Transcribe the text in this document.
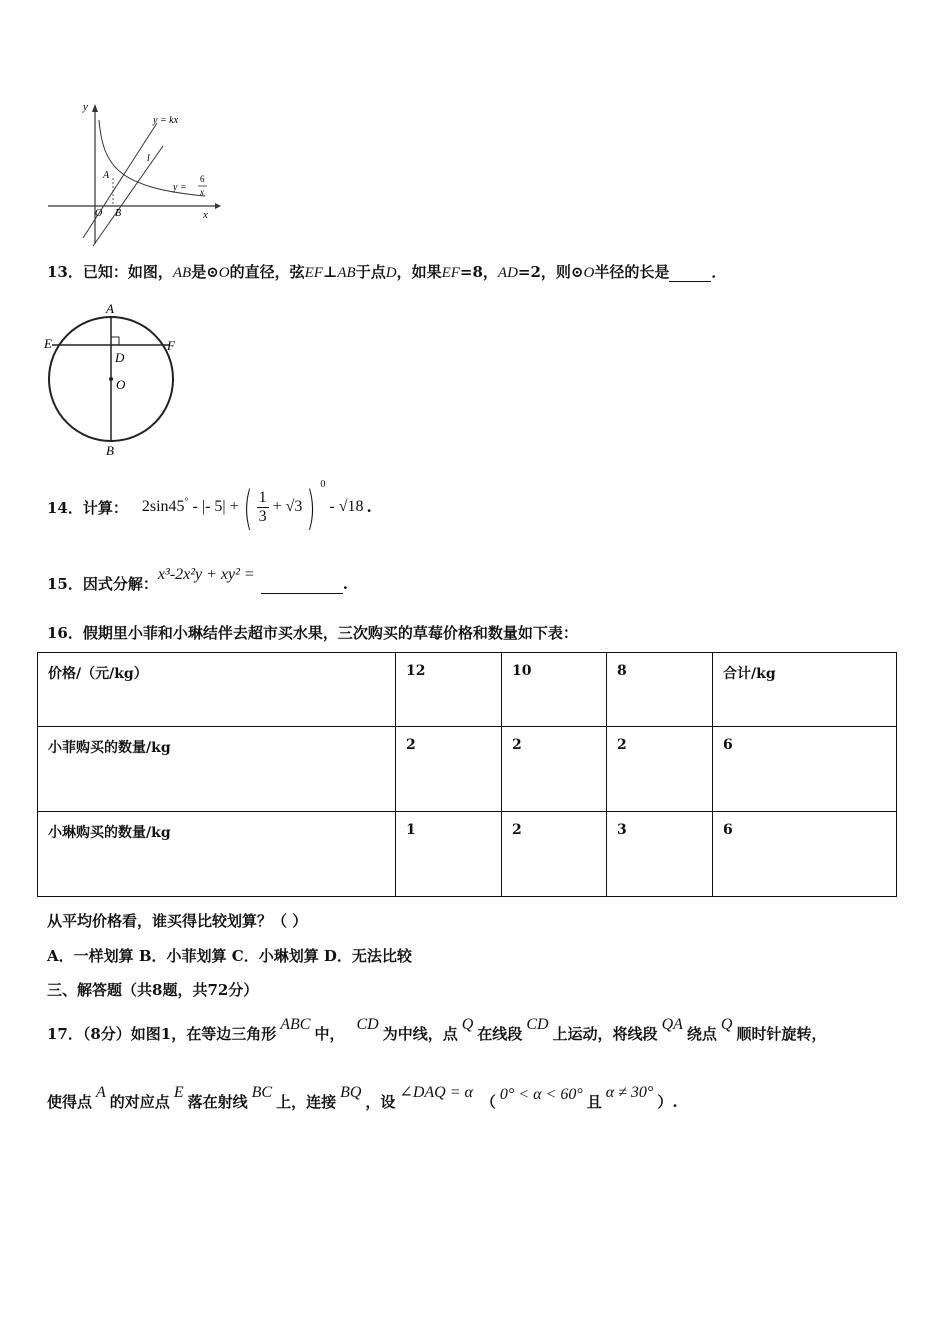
y
x
y = kx
l
y =
6
x
A
O B
13．已知：如图，AB是⊙O的直径，弦EF⊥AB于点D，如果EF=8，AD=2，则⊙O半径的长是	．
A
E	F
D
O
B
14．计算： 2sin45° - |- 5| +( $\frac{1}{3} + √3$) $^0$ - √18 .
15．因式分解：x³-2x²y + xy² = .
16．假期里小菲和小琳结伴去超市买水果，三次购买的草莓价格和数量如下表：
价格/（元/kg）	12	10	8	合计/kg
小菲购买的数量/kg	2	2	2	6
小琳购买的数量/kg	1	2	3	6
从平均价格看，谁买得比较划算？（ ）
A．一样划算 B．小菲划算 C．小琳划算 D．无法比较
三、解答题（共8题，共72分）
17．（8分）如图1，在等边三角形
ABC
中，
CD
为中线，点
Q
在线段
CD
上运动，将线段
QA
绕点
Q
顺时针旋转，
使得点
A
的对应点
E
落在射线
BC
上，连接
BQ
，设
∠DAQ = α
（ 0° < α < 60° 且
α ≠ 30°
）.
